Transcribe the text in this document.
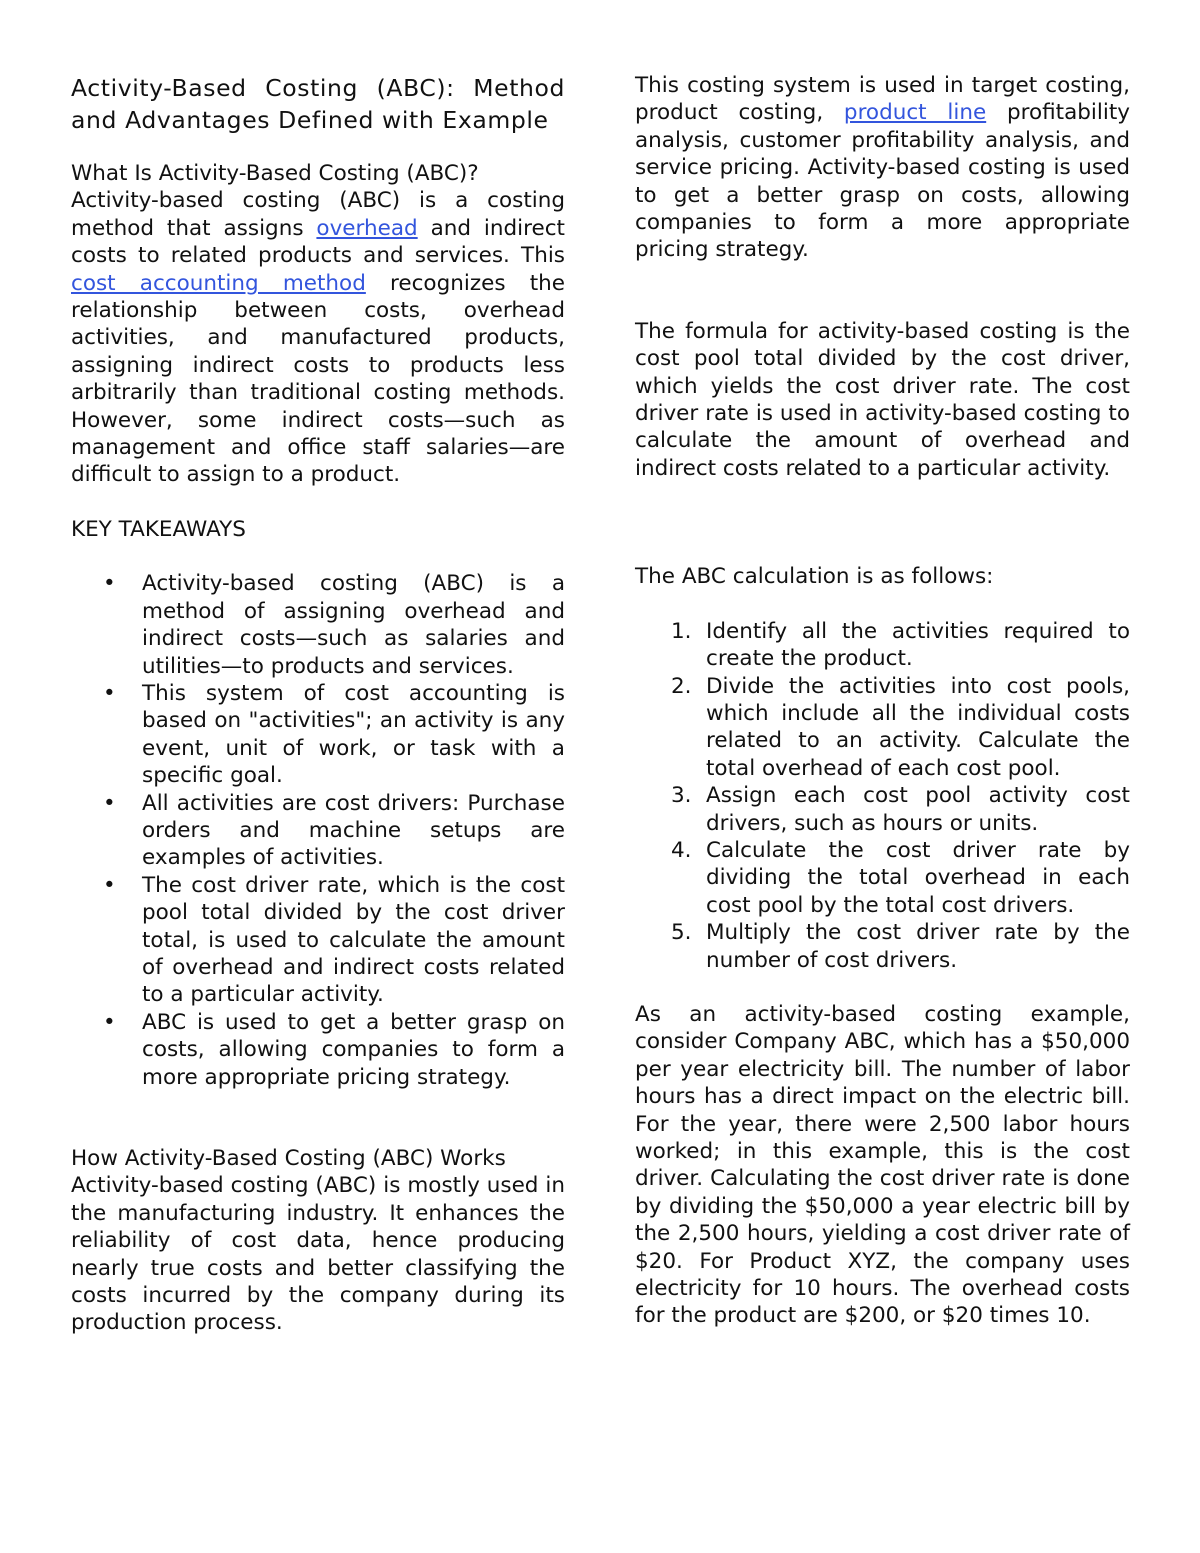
Activity-Based Costing (ABC): Method and Advantages Defined with Example

What Is Activity-Based Costing (ABC)?

Activity-based costing (ABC) is a costing method that assigns overhead and indirect costs to related products and services. This cost accounting method recognizes the relationship between costs, overhead activities, and manufactured products, assigning indirect costs to products less arbitrarily than traditional costing methods. However, some indirect costs—such as management and office staff salaries—are difficult to assign to a product.

KEY TAKEAWAYS

• Activity-based costing (ABC) is a method of assigning overhead and indirect costs—such as salaries and utilities—to products and services.
• This system of cost accounting is based on "activities"; an activity is any event, unit of work, or task with a specific goal.
• All activities are cost drivers: Purchase orders and machine setups are examples of activities.
• The cost driver rate, which is the cost pool total divided by the cost driver total, is used to calculate the amount of overhead and indirect costs related to a particular activity.
• ABC is used to get a better grasp on costs, allowing companies to form a more appropriate pricing strategy.

How Activity-Based Costing (ABC) Works

Activity-based costing (ABC) is mostly used in the manufacturing industry. It enhances the reliability of cost data, hence producing nearly true costs and better classifying the costs incurred by the company during its production process.

This costing system is used in target costing, product costing, product line profitability analysis, customer profitability analysis, and service pricing. Activity-based costing is used to get a better grasp on costs, allowing companies to form a more appropriate pricing strategy.

The formula for activity-based costing is the cost pool total divided by the cost driver, which yields the cost driver rate. The cost driver rate is used in activity-based costing to calculate the amount of overhead and indirect costs related to a particular activity.

The ABC calculation is as follows:

1. Identify all the activities required to create the product.
2. Divide the activities into cost pools, which include all the individual costs related to an activity. Calculate the total overhead of each cost pool.
3. Assign each cost pool activity cost drivers, such as hours or units.
4. Calculate the cost driver rate by dividing the total overhead in each cost pool by the total cost drivers.
5. Multiply the cost driver rate by the number of cost drivers.

As an activity-based costing example, consider Company ABC, which has a $50,000 per year electricity bill. The number of labor hours has a direct impact on the electric bill. For the year, there were 2,500 labor hours worked; in this example, this is the cost driver. Calculating the cost driver rate is done by dividing the $50,000 a year electric bill by the 2,500 hours, yielding a cost driver rate of $20. For Product XYZ, the company uses electricity for 10 hours. The overhead costs for the product are $200, or $20 times 10.
